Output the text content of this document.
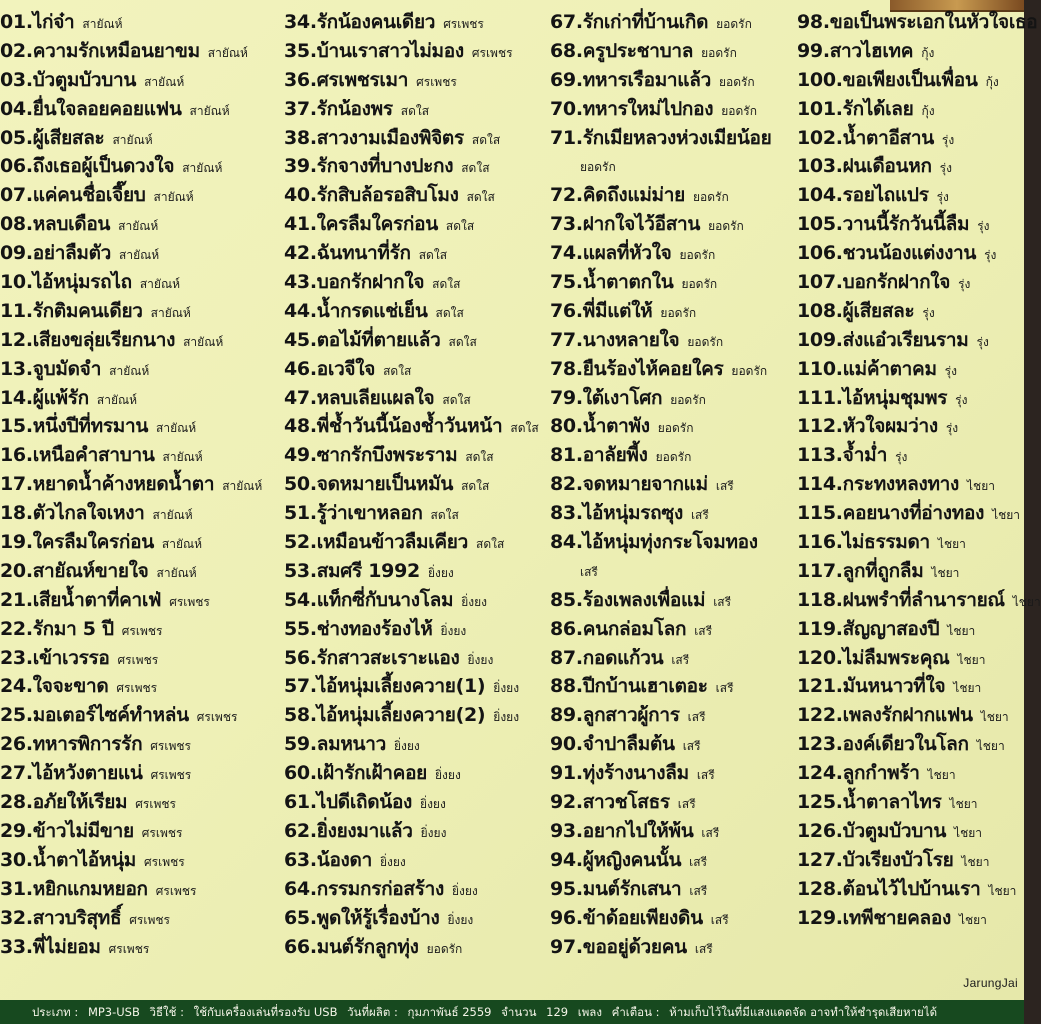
01.ไก่จ๋า สายัณห์
02.ความรักเหมือนยาขม สายัณห์
03.บัวตูมบัวบาน สายัณห์
04.ยื่นใจลอยคอยแฟน สายัณห์
05.ผู้เสียสละ สายัณห์
06.ถึงเธอผู้เป็นดวงใจ สายัณห์
07.แค่คนชื่อเจี๊ยบ สายัณห์
08.หลบเดือน สายัณห์
09.อย่าลืมตัว สายัณห์
10.ไอ้หนุ่มรถไถ สายัณห์
11.รักติมคนเดียว สายัณห์
12.เสียงขลุ่ยเรียกนาง สายัณห์
13.จูบมัดจำ สายัณห์
14.ผู้แพ้รัก สายัณห์
15.หนึ่งปีที่ทรมาน สายัณห์
16.เหนือคำสาบาน สายัณห์
17.หยาดน้ำค้างหยดน้ำตา สายัณห์
18.ตัวไกลใจเหงา สายัณห์
19.ใครลืมใครก่อน สายัณห์
20.สายัณห์ขายใจ สายัณห์
21.เสียน้ำตาที่คาเฟ่ ศรเพชร
22.รักมา 5 ปี ศรเพชร
23.เข้าเวรรอ ศรเพชร
24.ใจจะขาด ศรเพชร
25.มอเตอร์ไซค์ทำหล่น ศรเพชร
26.ทหารพิการรัก ศรเพชร
27.ไอ้หวังตายแน่ ศรเพชร
28.อภัยให้เรียม ศรเพชร
29.ข้าวไม่มีขาย ศรเพชร
30.น้ำตาไอ้หนุ่ม ศรเพชร
31.หยิกแกมหยอก ศรเพชร
32.สาวบริสุทธิ์ ศรเพชร
33.พี่ไม่ยอม ศรเพชร
34.รักน้องคนเดียว ศรเพชร
35.บ้านเราสาวไม่มอง ศรเพชร
36.ศรเพชรเมา ศรเพชร
37.รักน้องพร สดใส
38.สาวงามเมืองพิจิตร สดใส
39.รักจางที่บางปะกง สดใส
40.รักสิบล้อรอสิบโมง สดใส
41.ใครลืมใครก่อน สดใส
42.ฉันทนาที่รัก สดใส
43.บอกรักฝากใจ สดใส
44.น้ำกรดแช่เย็น สดใส
45.ตอไม้ที่ตายแล้ว สดใส
46.อเวจีใจ สดใส
47.หลบเลียแผลใจ สดใส
48.พี่ช้ำวันนี้น้องช้ำวันหน้า สดใส
49.ซากรักบึงพระราม สดใส
50.จดหมายเป็นหมัน สดใส
51.รู้ว่าเขาหลอก สดใส
52.เหมือนข้าวลืมเคียว สดใส
53.สมศรี 1992 ยิ่งยง
54.แท็กซี่กับนางโลม ยิ่งยง
55.ช่างทองร้องไห้ ยิ่งยง
56.รักสาวสะเราะแอง ยิ่งยง
57.ไอ้หนุ่มเลี้ยงควาย(1) ยิ่งยง
58.ไอ้หนุ่มเลี้ยงควาย(2) ยิ่งยง
59.ลมหนาว ยิ่งยง
60.เฝ้ารักเฝ้าคอย ยิ่งยง
61.ไปดีเถิดน้อง ยิ่งยง
62.ยิ่งยงมาแล้ว ยิ่งยง
63.น้องดา ยิ่งยง
64.กรรมกรก่อสร้าง ยิ่งยง
65.พูดให้รู้เรื่องบ้าง ยิ่งยง
66.มนต์รักลูกทุ่ง ยอดรัก
67.รักเก่าที่บ้านเกิด ยอดรัก
68.ครูประชาบาล ยอดรัก
69.ทหารเรือมาแล้ว ยอดรัก
70.ทหารใหม่ไปกอง ยอดรัก
71.รักเมียหลวงห่วงเมียน้อย
ยอดรัก
72.คิดถึงแม่ม่าย ยอดรัก
73.ฝากใจไว้อีสาน ยอดรัก
74.แผลที่หัวใจ ยอดรัก
75.น้ำตาตกใน ยอดรัก
76.พี่มีแต่ให้ ยอดรัก
77.นางหลายใจ ยอดรัก
78.ยืนร้องไห้คอยใคร ยอดรัก
79.ใต้เงาโศก ยอดรัก
80.น้ำตาพัง ยอดรัก
81.อาลัยพี้ง ยอดรัก
82.จดหมายจากแม่ เสรี
83.ไอ้หนุ่มรถซุง เสรี
84.ไอ้หนุ่มทุ่งกระโจมทอง
เสรี
85.ร้องเพลงเพื่อแม่ เสรี
86.คนกล่อมโลก เสรี
87.กอดแก้วน เสรี
88.ปีกบ้านเฮาเตอะ เสรี
89.ลูกสาวผู้การ เสรี
90.จำปาลืมต้น เสรี
91.ทุ่งร้างนางลืม เสรี
92.สาวชโสธร เสรี
93.อยากไปให้พ้น เสรี
94.ผู้หญิงคนนั้น เสรี
95.มนต์รักเสนา เสรี
96.ข้าด้อยเพียงดิน เสรี
97.ขออยู่ด้วยคน เสรี
98.ขอเป็นพระเอกในหัวใจเธอ
99.สาวไฮเทค กุ้ง
100.ขอเพียงเป็นเพื่อน กุ้ง
101.รักได้เลย กุ้ง
102.น้ำตาอีสาน รุ่ง
103.ฝนเดือนหก รุ่ง
104.รอยไถแปร รุ่ง
105.วานนี้รักวันนี้ลืม รุ่ง
106.ชวนน้องแต่งงาน รุ่ง
107.บอกรักฝากใจ รุ่ง
108.ผู้เสียสละ รุ่ง
109.ส่งแอ๋วเรียนราม รุ่ง
110.แม่ค้าตาคม รุ่ง
111.ไอ้หนุ่มชุมพร รุ่ง
112.หัวใจผมว่าง รุ่ง
113.จ้ำม่ำ รุ่ง
114.กระทงหลงทาง ไชยา
115.คอยนางที่อ่างทอง ไชยา
116.ไม่ธรรมดา ไชยา
117.ลูกที่ถูกลืม ไชยา
118.ฝนพรำที่ลำนารายณ์ ไชยา
119.สัญญาสองปี ไชยา
120.ไม่ลืมพระคุณ ไชยา
121.มันหนาวที่ใจ ไชยา
122.เพลงรักฝากแฟน ไชยา
123.องค์เดียวในโลก ไชยา
124.ลูกกำพร้า ไชยา
125.น้ำตาลาไทร ไชยา
126.บัวตูมบัวบาน ไชยา
127.บัวเรียงบัวโรย ไชยา
128.ต้อนไว้ไปบ้านเรา ไชยา
129.เทพีชายคลอง ไชยา
JarungJai
ประเภท : MP3-USB วิธีใช้ : ใช้กับเครื่องเล่นที่รองรับ USB วันที่ผลิต : กุมภาพันธ์ 2559 จำนวน 129 เพลง คำเตือน : ห้ามเก็บไว้ในที่มีแสงแดดจัด อาจทำให้ชำรุดเสียหายได้
